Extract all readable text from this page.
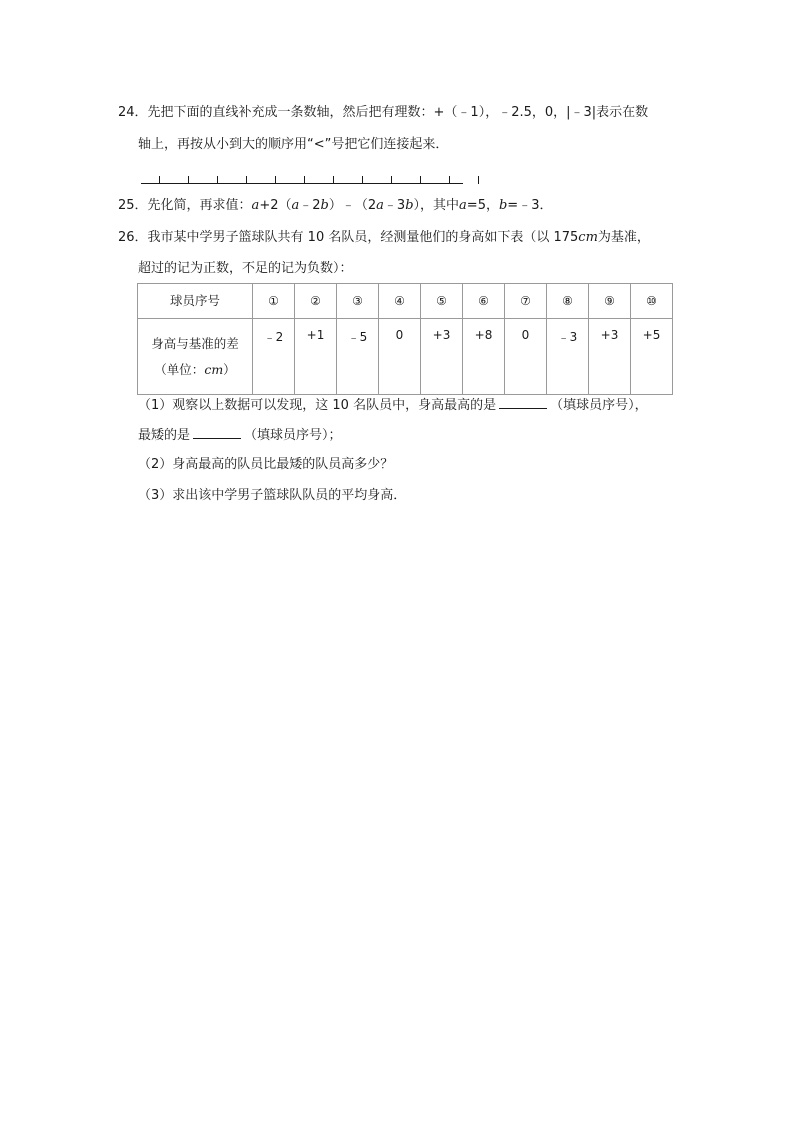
24．先把下面的直线补充成一条数轴，然后把有理数：+（﹣1），﹣2.5，0，|﹣3|表示在数
轴上，再按从小到大的顺序用“<”号把它们连接起来．
25．先化简，再求值：a+2（a﹣2b）﹣（2a﹣3b），其中a=5，b=﹣3．
26．我市某中学男子篮球队共有 10 名队员，经测量他们的身高如下表（以 175cm为基准，
超过的记为正数，不足的记为负数）：
球员序号	①	②	③	④	⑤	⑥	⑦	⑧	⑨	⑩

身高与基准的差
（单位：cm）	﹣2	+1	﹣5	0	+3	+8	0	﹣3	+3	+5
（1）观察以上数据可以发现，这 10 名队员中，身高最高的是	（填球员序号），
最矮的是	（填球员序号）；
（2）身高最高的队员比最矮的队员高多少？
（3）求出该中学男子篮球队队员的平均身高．
